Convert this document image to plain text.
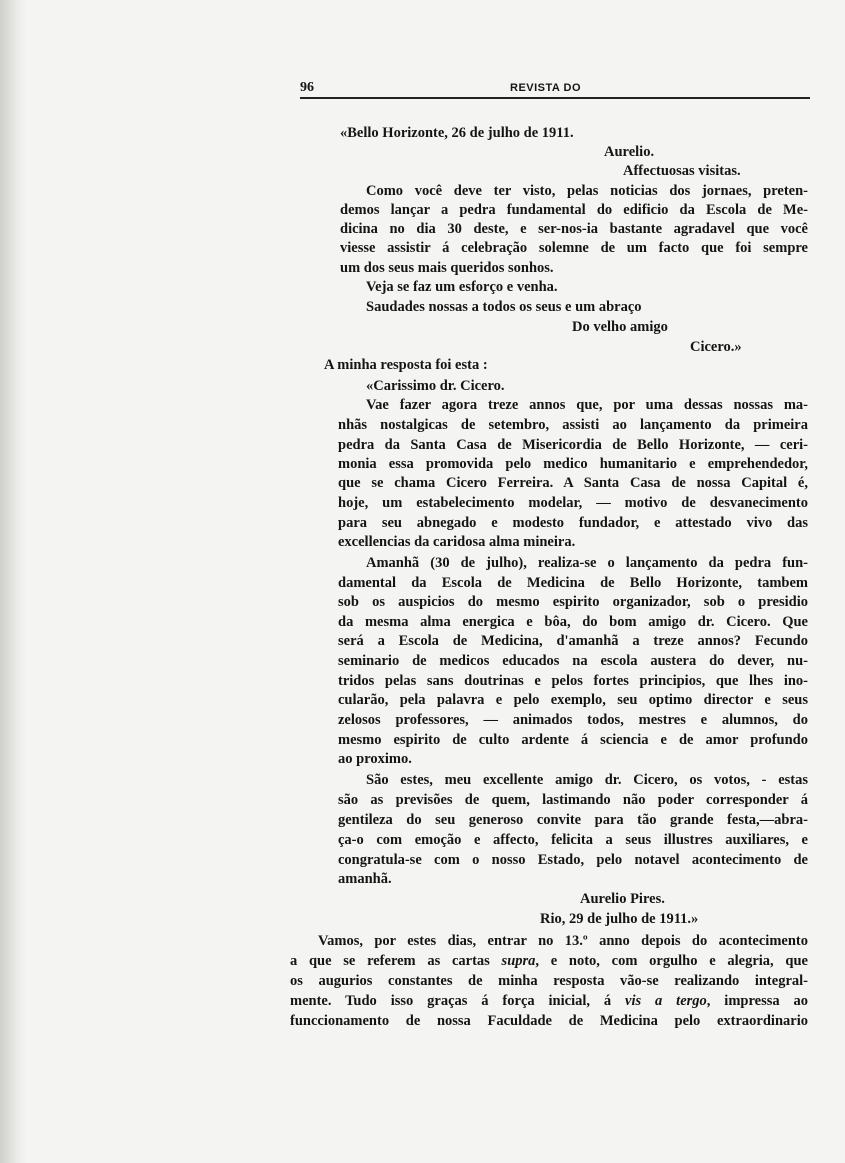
96	REVISTA DO

«Bello Horizonte, 26 de julho de 1911.

Aurelio.

Affectuosas visitas.

Como você deve ter visto, pelas noticias dos jornaes, preten-

demos lançar a pedra fundamental do edificio da Escola de Me-

dicina no dia 30 deste, e ser-nos-ia bastante agradavel que você

viesse assistir á celebração solemne de um facto que foi sempre

um dos seus mais queridos sonhos.

Veja se faz um esforço e venha.

Saudades nossas a todos os seus e um abraço

Do velho amigo

Cicero.»

A minha resposta foi esta :

«Carissimo dr. Cicero.

Vae fazer agora treze annos que, por uma dessas nossas ma-

nhãs nostalgicas de setembro, assisti ao lançamento da primeira

pedra da Santa Casa de Misericordia de Bello Horizonte, — ceri-

monia essa promovida pelo medico humanitario e emprehendedor,

que se chama Cicero Ferreira. A Santa Casa de nossa Capital é,

hoje, um estabelecimento modelar, — motivo de desvanecimento

para seu abnegado e modesto fundador, e attestado vivo das

excellencias da caridosa alma mineira.

Amanhã (30 de julho), realiza-se o lançamento da pedra fun-

damental da Escola de Medicina de Bello Horizonte, tambem

sob os auspicios do mesmo espirito organizador, sob o presidio

da mesma alma energica e bôa, do bom amigo dr. Cicero. Que

será a Escola de Medicina, d'amanhã a treze annos? Fecundo

seminario de medicos educados na escola austera do dever, nu-

tridos pelas sans doutrinas e pelos fortes principios, que lhes ino-

cularão, pela palavra e pelo exemplo, seu optimo director e seus

zelosos professores, — animados todos, mestres e alumnos, do

mesmo espirito de culto ardente á sciencia e de amor profundo

ao proximo.

São estes, meu excellente amigo dr. Cicero, os votos, - estas

são as previsões de quem, lastimando não poder corresponder á

gentileza do seu generoso convite para tão grande festa,—abra-

ça-o com emoção e affecto, felicita a seus illustres auxiliares, e

congratula-se com o nosso Estado, pelo notavel acontecimento de

amanhã.

Aurelio Pires.

Rio, 29 de julho de 1911.»

Vamos, por estes dias, entrar no 13.º anno depois do acontecimento

a que se referem as cartas supra, e noto, com orgulho e alegria, que

os augurios constantes de minha resposta vão-se realizando integral-

mente. Tudo isso graças á força inicial, á vis a tergo, impressa ao

funccionamento de nossa Faculdade de Medicina pelo extraordinario
